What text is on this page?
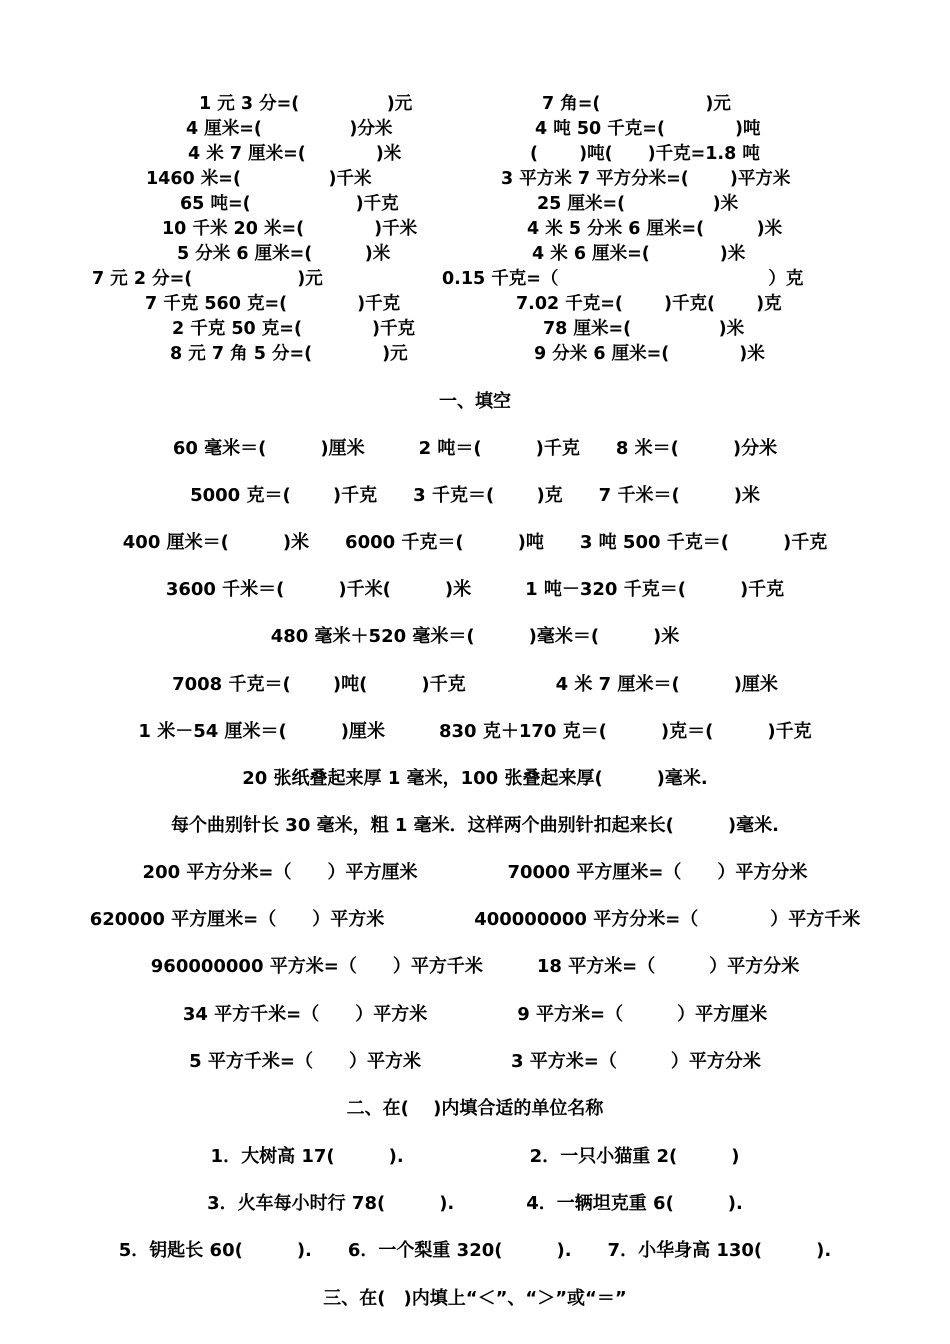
1 元 3 分=(　　　　　)元	7 角=(　　　　　　)元
4 厘米=(　　　　　)分米	4 吨 50 千克=(　　　　)吨
4 米 7 厘米=(　　　　)米	(　 　)吨(　　)千克=1.8 吨
1460 米=(　　　　　)千米	3 平方米 7 平方分米=(　　 )平方米
65 吨=(　　　　　　)千克	25 厘米=(　　　　　)米
10 千米 20 米=(　　　　)千米	4 米 5 分米 6 厘米=(　　　)米
5 分米 6 厘米=(　　　)米	4 米 6 厘米=(　　　　)米
7 元 2 分=(　　　　　　)元	0.15 千克=（　　　　　　　　　　　　）克
7 千克 560 克=(　　　　)千克	7.02 千克=(　　 )千克(　　 )克
2 千克 50 克=(　　　　)千克	78 厘米=(　　　　　)米
8 元 7 角 5 分=(　　　　)元	9 分米 6 厘米=(　　　　)米
一、填空
60 毫米＝(　　　)厘米　　　2 吨＝(　　　)千克　　8 米＝(　　　)分米
5000 克＝(　　 )千克　　3 千克＝(　　 )克　　7 千米＝(　　　)米
400 厘米＝(　　　)米　　6000 千克＝(　　　)吨　　3 吨 500 千克＝(　　　)千克
3600 千米＝(　　　)千米(　　　)米　　　1 吨－320 千克＝(　　　)千克
480 毫米＋520 毫米＝(　　　)毫米＝(　　　)米
7008 千克＝(　　 )吨(　　　)千克　　　　　4 米 7 厘米＝(　　　)厘米
1 米－54 厘米＝(　　　)厘米　　　830 克＋170 克＝(　　　)克＝(　　　)千克
20 张纸叠起来厚 1 毫米，100 张叠起来厚(　　　)毫米.
每个曲别针长 30 毫米，粗 1 毫米．这样两个曲别针扣起来长(　　　)毫米.
200 平方分米=（　　）平方厘米　　　　　70000 平方厘米=（　　）平方分米
620000 平方厘米=（　　）平方米　　　　　400000000 平方分米=（　　　　）平方千米
960000000 平方米=（　　）平方千米　　　18 平方米=（　　　）平方分米
34 平方千米=（　　）平方米　　　　　9 平方米=（　　　）平方厘米
5 平方千米=（　　）平方米　　　　　3 平方米=（　　　）平方分米
二、在(　 )内填合适的单位名称
1．大树高 17(　　　).　　　　　　　2．一只小猫重 2(　　　)
3．火车每小时行 78(　　　).　　　　4．一辆坦克重 6(　　　).
5．钥匙长 60(　　　).　　6．一个梨重 320(　　　).　　7．小华身高 130(　　　).
三、在(　)内填上“＜”、“＞”或“＝”
